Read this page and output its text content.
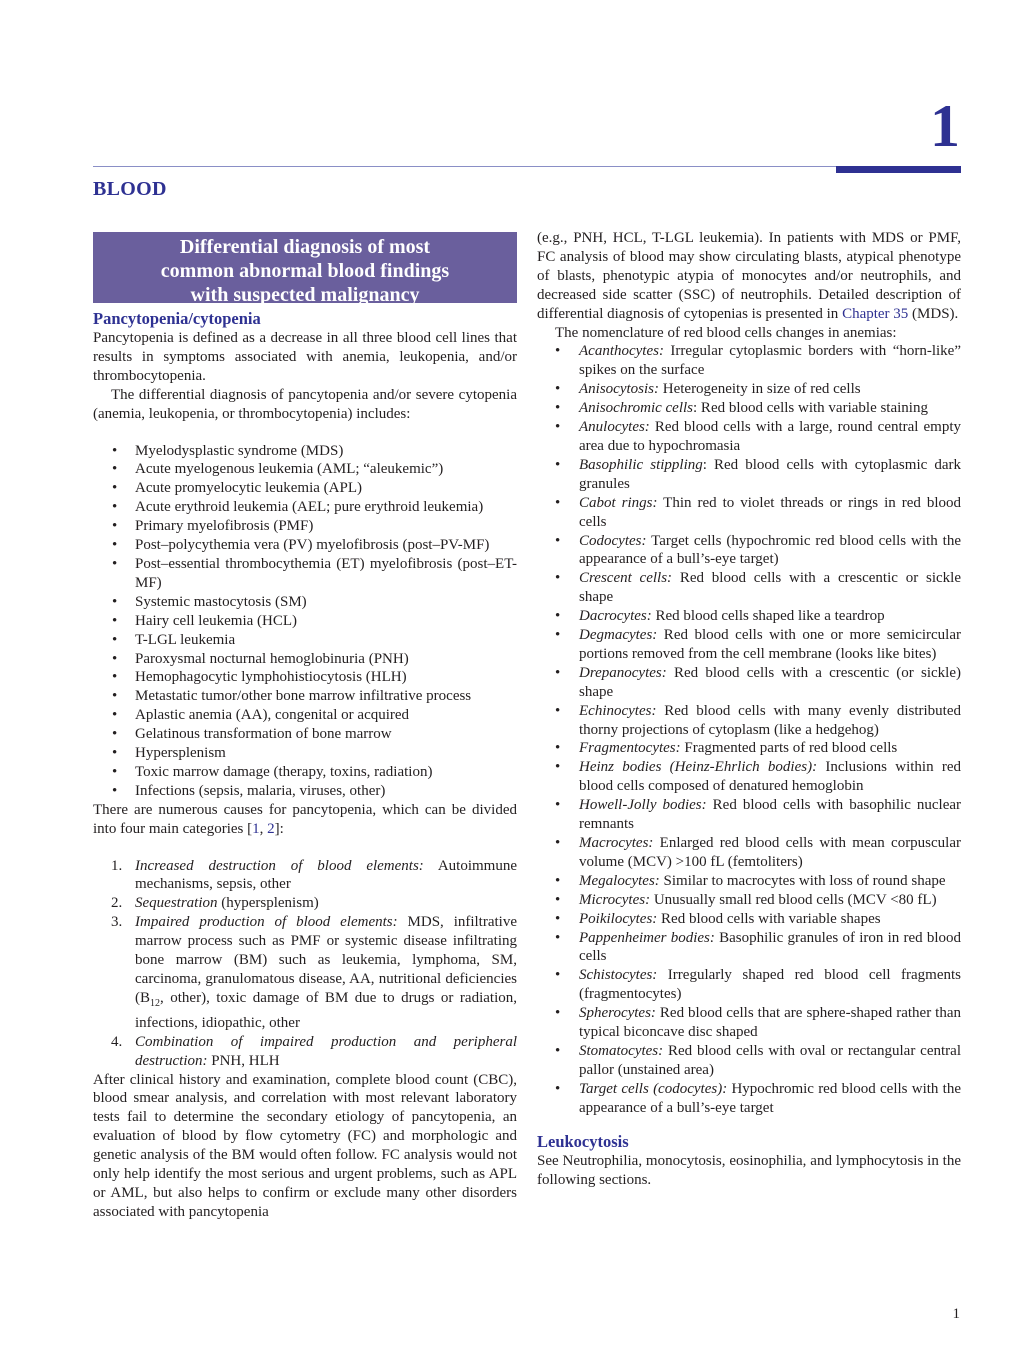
1
BLOOD
Differential diagnosis of most
common abnormal blood findings
with suspected malignancy
Pancytopenia/cytopenia

Pancytopenia is defined as a decrease in all three blood cell lines that results in symptoms associated with anemia, leukopenia, and/or thrombocytopenia.

The differential diagnosis of pancytopenia and/or severe cytopenia (anemia, leukopenia, or thrombocytopenia) includes:

• Myelodysplastic syndrome (MDS)
• Acute myelogenous leukemia (AML; “aleukemic”)
• Acute promyelocytic leukemia (APL)
• Acute erythroid leukemia (AEL; pure erythroid leukemia)
• Primary myelofibrosis (PMF)
• Post–polycythemia vera (PV) myelofibrosis (post–PV-MF)
• Post–essential thrombocythemia (ET) myelofibrosis (post–ET-MF)
• Systemic mastocytosis (SM)
• Hairy cell leukemia (HCL)
• T-LGL leukemia
• Paroxysmal nocturnal hemoglobinuria (PNH)
• Hemophagocytic lymphohistiocytosis (HLH)
• Metastatic tumor/other bone marrow infiltrative process
• Aplastic anemia (AA), congenital or acquired
• Gelatinous transformation of bone marrow
• Hypersplenism
• Toxic marrow damage (therapy, toxins, radiation)
• Infections (sepsis, malaria, viruses, other)

There are numerous causes for pancytopenia, which can be divided into four main categories [1, 2]:

1. Increased destruction of blood elements: Autoimmune mechanisms, sepsis, other
2. Sequestration (hypersplenism)
3. Impaired production of blood elements: MDS, infiltrative marrow process such as PMF or systemic disease infiltrating bone marrow (BM) such as leukemia, lymphoma, SM, carcinoma, granulomatous disease, AA, nutritional deficiencies ($B_{12}$, other), toxic damage of BM due to drugs or radiation, infections, idiopathic, other
4. Combination of impaired production and peripheral destruction: PNH, HLH

After clinical history and examination, complete blood count (CBC), blood smear analysis, and correlation with most relevant laboratory tests fail to determine the secondary etiology of pancytopenia, an evaluation of blood by flow cytometry (FC) and morphologic and genetic analysis of the BM would often follow. FC analysis would not only help identify the most serious and urgent problems, such as APL or AML, but also helps to confirm or exclude many other disorders associated with pancytopenia

(e.g., PNH, HCL, T-LGL leukemia). In patients with MDS or PMF, FC analysis of blood may show circulating blasts, atypical phenotype of blasts, phenotypic atypia of monocytes and/or neutrophils, and decreased side scatter (SSC) of neutrophils. Detailed description of differential diagnosis of cytopenias is presented in Chapter 35 (MDS).

The nomenclature of red blood cells changes in anemias:

• Acanthocytes: Irregular cytoplasmic borders with “horn-like” spikes on the surface
• Anisocytosis: Heterogeneity in size of red cells
• Anisochromic cells: Red blood cells with variable staining
• Anulocytes: Red blood cells with a large, round central empty area due to hypochromasia
• Basophilic stippling: Red blood cells with cytoplasmic dark granules
• Cabot rings: Thin red to violet threads or rings in red blood cells
• Codocytes: Target cells (hypochromic red blood cells with the appearance of a bull’s-eye target)
• Crescent cells: Red blood cells with a crescentic or sickle shape
• Dacrocytes: Red blood cells shaped like a teardrop
• Degmacytes: Red blood cells with one or more semicircular portions removed from the cell membrane (looks like bites)
• Drepanocytes: Red blood cells with a crescentic (or sickle) shape
• Echinocytes: Red blood cells with many evenly distributed thorny projections of cytoplasm (like a hedgehog)
• Fragmentocytes: Fragmented parts of red blood cells
• Heinz bodies (Heinz-Ehrlich bodies): Inclusions within red blood cells composed of denatured hemoglobin
• Howell-Jolly bodies: Red blood cells with basophilic nuclear remnants
• Macrocytes: Enlarged red blood cells with mean corpuscular volume (MCV) >100 fL (femtoliters)
• Megalocytes: Similar to macrocytes with loss of round shape
• Microcytes: Unusually small red blood cells (MCV <80 fL)
• Poikilocytes: Red blood cells with variable shapes
• Pappenheimer bodies: Basophilic granules of iron in red blood cells
• Schistocytes: Irregularly shaped red blood cell fragments (fragmentocytes)
• Spherocytes: Red blood cells that are sphere-shaped rather than typical biconcave disc shaped
• Stomatocytes: Red blood cells with oval or rectangular central pallor (unstained area)
• Target cells (codocytes): Hypochromic red blood cells with the appearance of a bull’s-eye target
Leukocytosis

See Neutrophilia, monocytosis, eosinophilia, and lymphocytosis in the following sections.

1
